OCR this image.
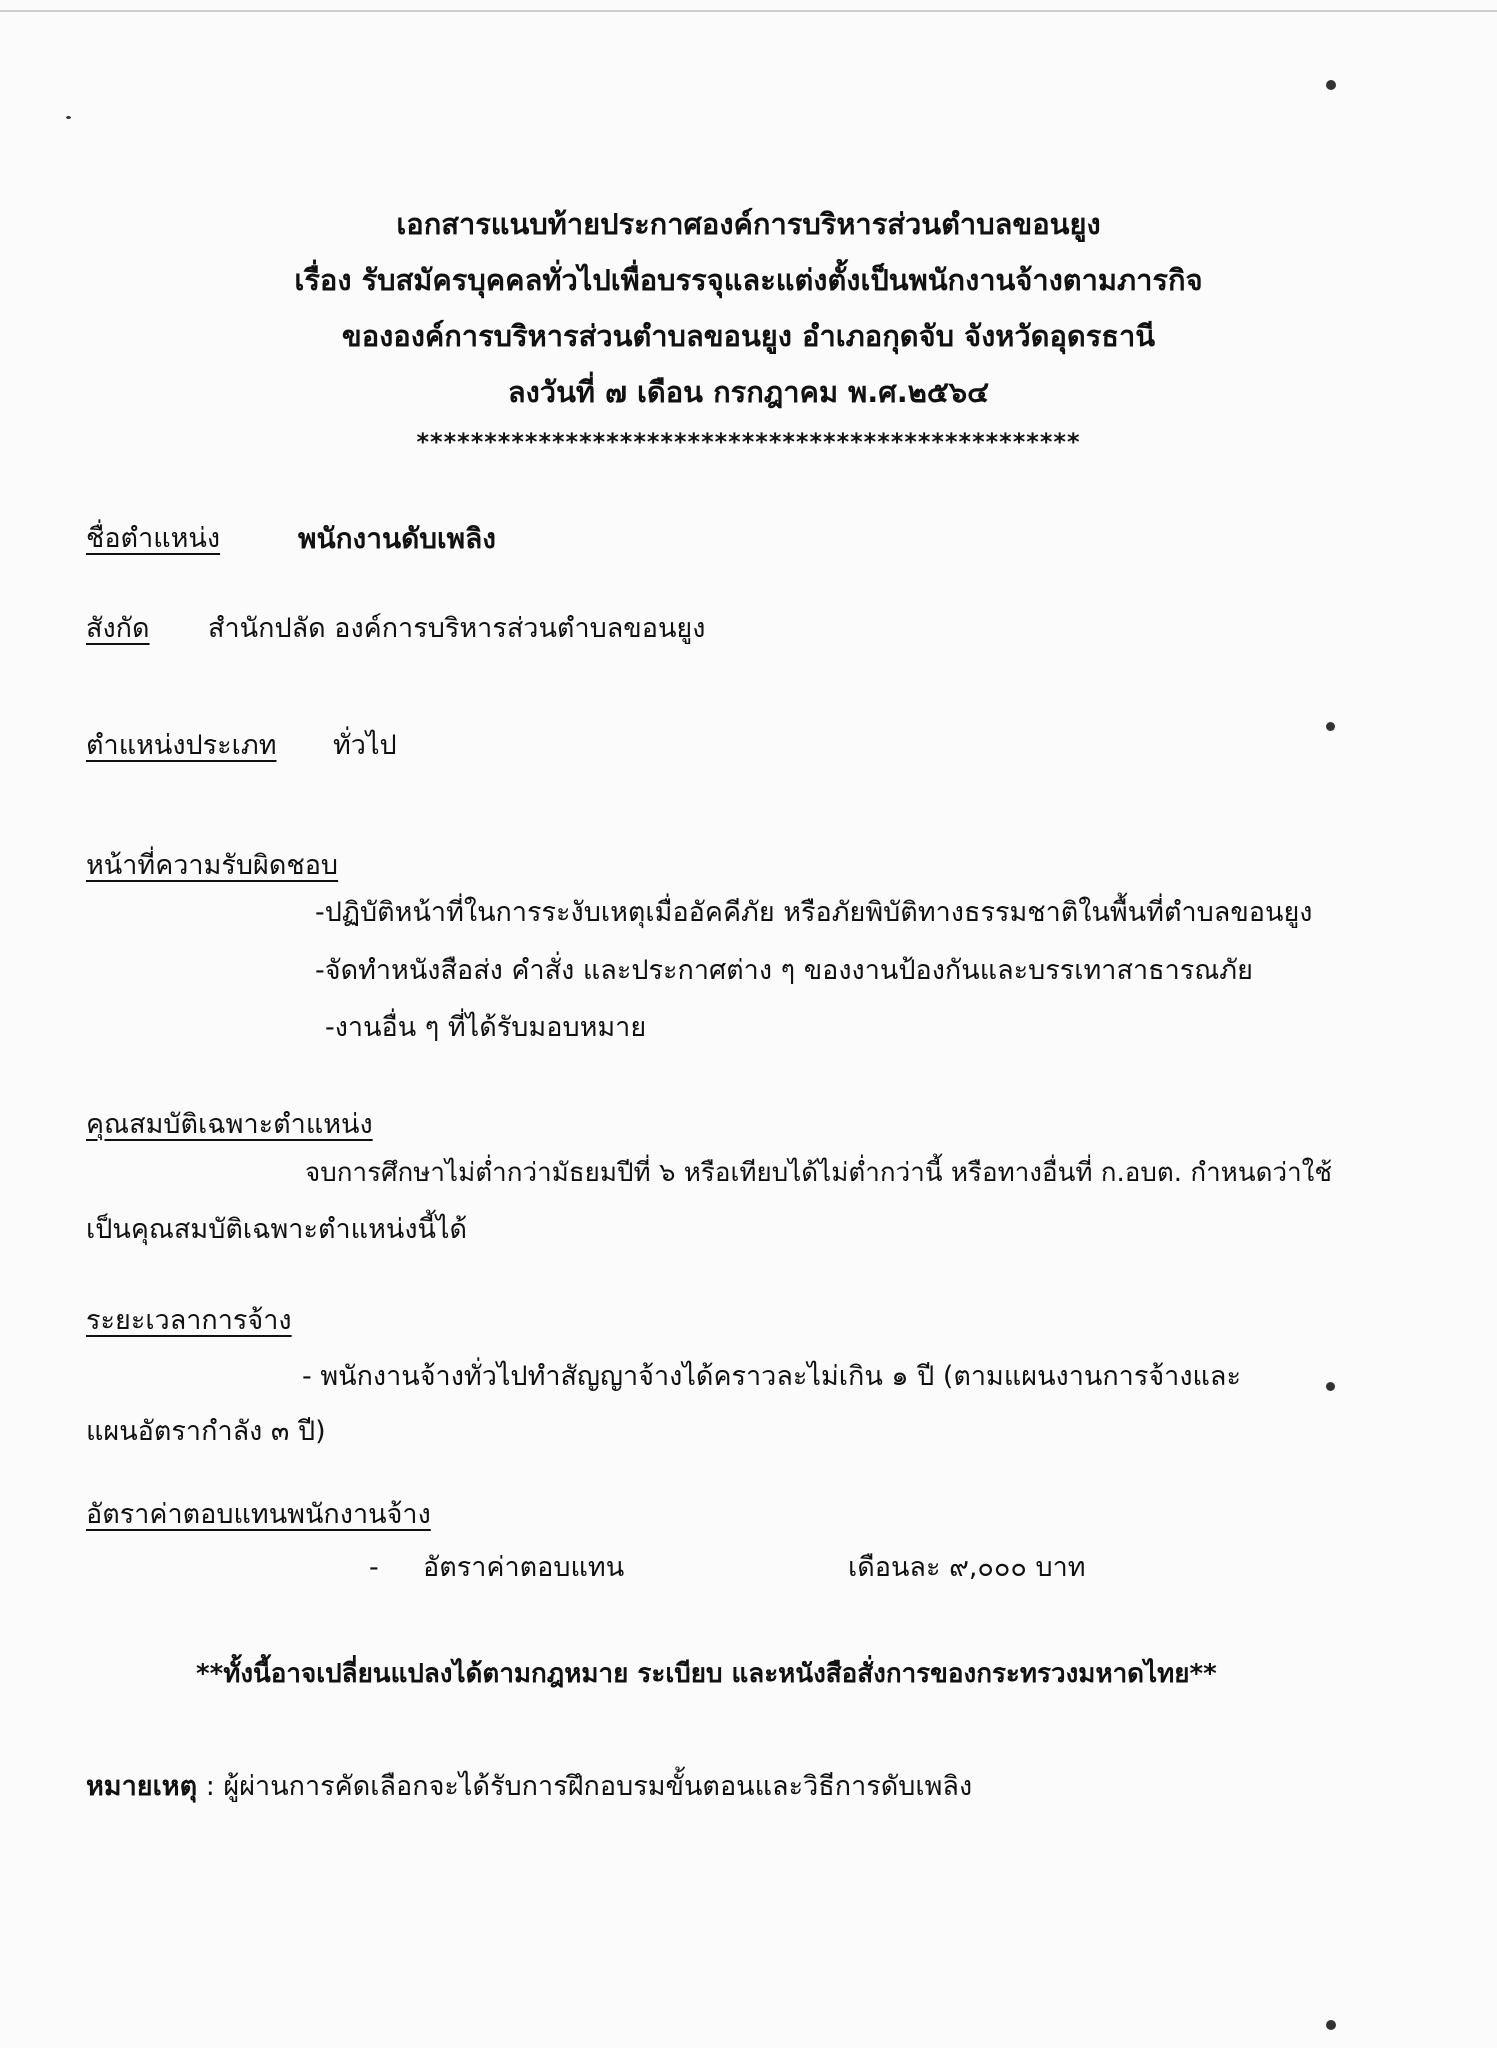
เอกสารแนบท้ายประกาศองค์การบริหารส่วนตำบลขอนยูง
เรื่อง รับสมัครบุคคลทั่วไปเพื่อบรรจุและแต่งตั้งเป็นพนักงานจ้างตามภารกิจ
ขององค์การบริหารส่วนตำบลขอนยูง อำเภอกุดจับ จังหวัดอุดรธานี
ลงวันที่ ๗ เดือน กรกฎาคม พ.ศ.๒๕๖๔
*************************************************
ชื่อตำแหน่ง	พนักงานดับเพลิง
สังกัด สำนักปลัด องค์การบริหารส่วนตำบลขอนยูง
ตำแหน่งประเภท ทั่วไป
หน้าที่ความรับผิดชอบ
-ปฏิบัติหน้าที่ในการระงับเหตุเมื่ออัคคีภัย หรือภัยพิบัติทางธรรมชาติในพื้นที่ตำบลขอนยูง
-จัดทำหนังสือส่ง คำสั่ง และประกาศต่าง ๆ ของงานป้องกันและบรรเทาสาธารณภัย
-งานอื่น ๆ ที่ได้รับมอบหมาย
คุณสมบัติเฉพาะตำแหน่ง
จบการศึกษาไม่ต่ำกว่ามัธยมปีที่ ๖ หรือเทียบได้ไม่ต่ำกว่านี้ หรือทางอื่นที่ ก.อบต. กำหนดว่าใช้
เป็นคุณสมบัติเฉพาะตำแหน่งนี้ได้
ระยะเวลาการจ้าง
- พนักงานจ้างทั่วไปทำสัญญาจ้างได้คราวละไม่เกิน ๑ ปี (ตามแผนงานการจ้างและ
แผนอัตรากำลัง ๓ ปี)
อัตราค่าตอบแทนพนักงานจ้าง
- อัตราค่าตอบแทน	เดือนละ ๙,๐๐๐ บาท
**ทั้งนี้อาจเปลี่ยนแปลงได้ตามกฎหมาย ระเบียบ และหนังสือสั่งการของกระทรวงมหาดไทย**
หมายเหตุ : ผู้ผ่านการคัดเลือกจะได้รับการฝึกอบรมขั้นตอนและวิธีการดับเพลิง
